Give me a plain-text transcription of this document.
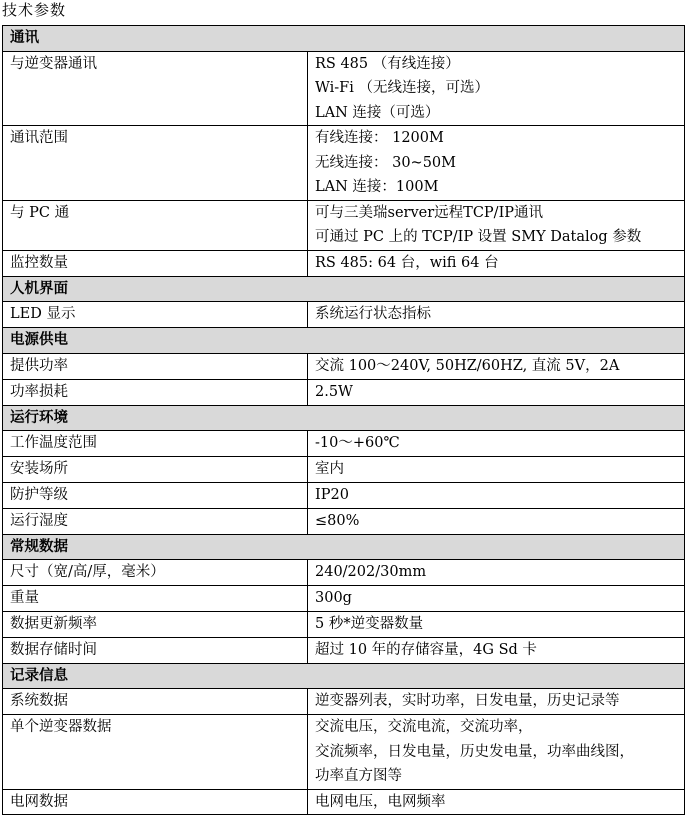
技术参数
通讯	
与逆变器通讯	RS 485 （有线连接）
Wi-Fi （无线连接，可选）
LAN 连接（可选）

通讯范围	有线连接： 1200M
无线连接： 30~50M
LAN 连接：100M

与 PC 通	可与三美瑞server远程TCP/IP通讯
可通过 PC 上的 TCP/IP 设置 SMY Datalog 参数

监控数量	RS 485: 64 台，wifi 64 台

人机界面	
LED 显示	系统运行状态指标

电源供电	
提供功率	交流 100～240V, 50HZ/60HZ, 直流 5V，2A

功率损耗	2.5W

运行环境	
工作温度范围	-10～+60℃

安装场所	室内

防护等级	IP20

运行湿度	≤80%

常规数据	
尺寸（宽/高/厚，毫米）	240/202/30mm

重量	300g

数据更新频率	5 秒*逆变器数量

数据存储时间	超过 10 年的存储容量，4G Sd 卡

记录信息	
系统数据	逆变器列表，实时功率，日发电量，历史记录等

单个逆变器数据	交流电压，交流电流，交流功率，
交流频率，日发电量，历史发电量，功率曲线图，
功率直方图等

电网数据	电网电压，电网频率
